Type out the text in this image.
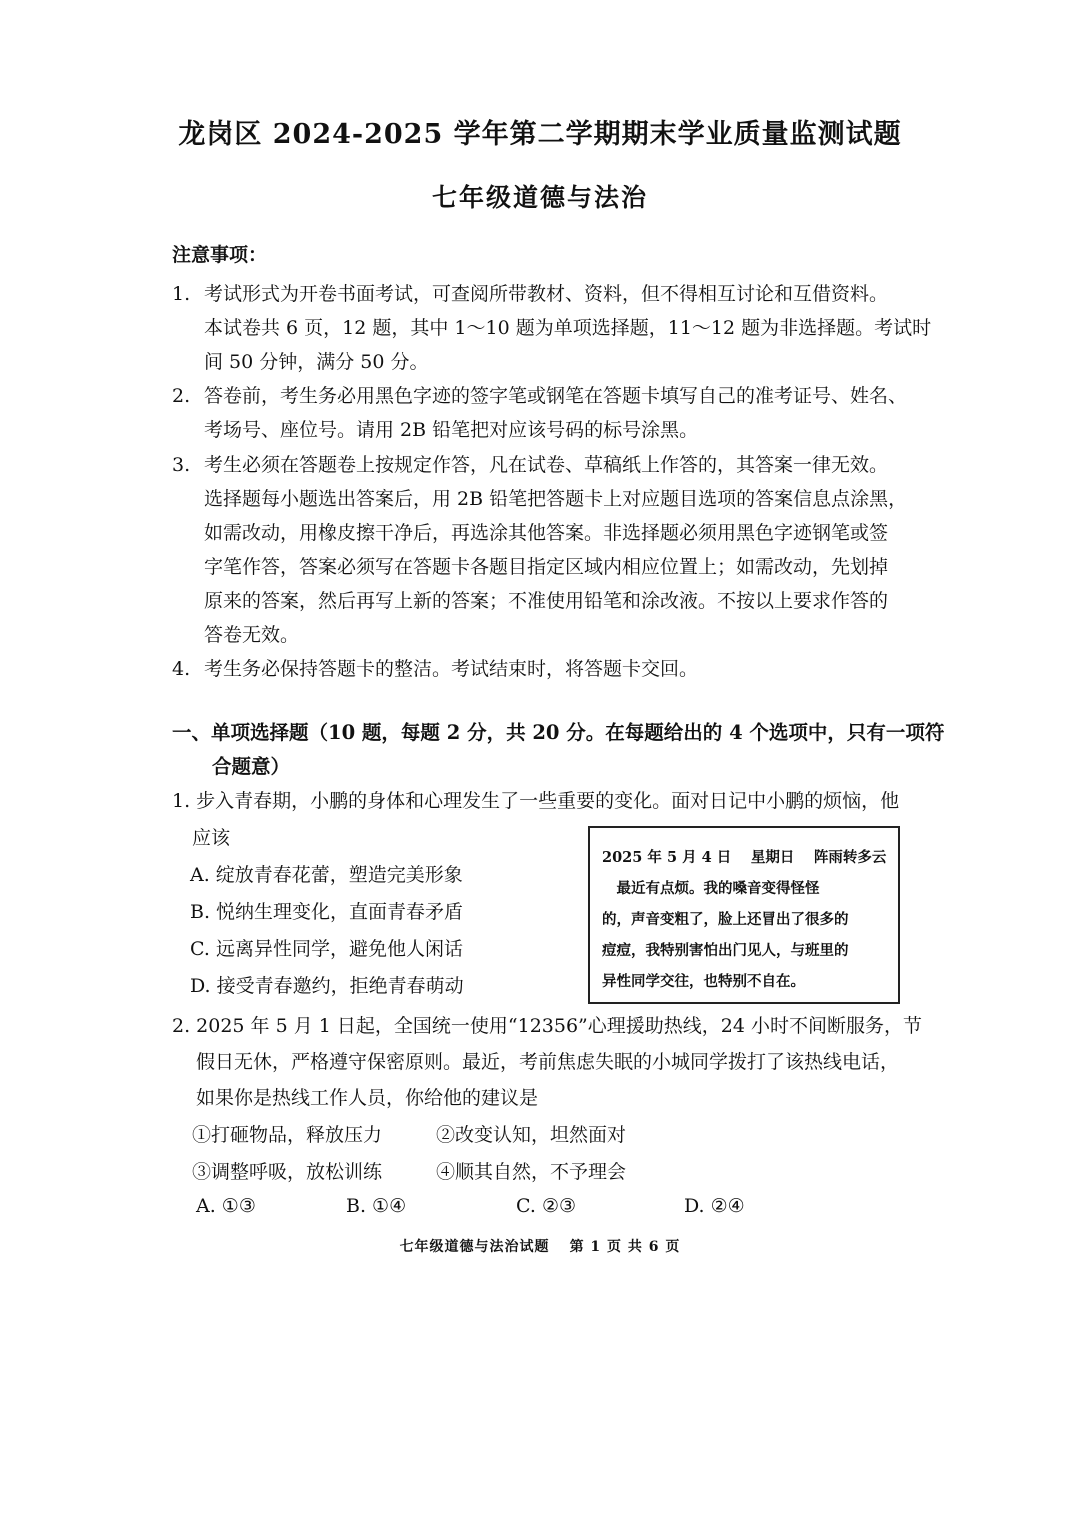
龙岗区 2024-2025 学年第二学期期末学业质量监测试题
七年级道德与法治
注意事项：
1. 考试形式为开卷书面考试，可查阅所带教材、资料，但不得相互讨论和互借资料。
本试卷共 6 页，12 题，其中 1～10 题为单项选择题，11～12 题为非选择题。考试时
间 50 分钟，满分 50 分。
2. 答卷前，考生务必用黑色字迹的签字笔或钢笔在答题卡填写自己的准考证号、姓名、
考场号、座位号。请用 2B 铅笔把对应该号码的标号涂黑。
3. 考生必须在答题卷上按规定作答，凡在试卷、草稿纸上作答的，其答案一律无效。
选择题每小题选出答案后，用 2B 铅笔把答题卡上对应题目选项的答案信息点涂黑，
如需改动，用橡皮擦干净后，再选涂其他答案。非选择题必须用黑色字迹钢笔或签
字笔作答，答案必须写在答题卡各题目指定区域内相应位置上；如需改动，先划掉
原来的答案，然后再写上新的答案；不准使用铅笔和涂改液。不按以上要求作答的
答卷无效。
4. 考生务必保持答题卡的整洁。考试结束时，将答题卡交回。
一、单项选择题（10 题，每题 2 分，共 20 分。在每题给出的 4 个选项中，只有一项符
合题意）
1. 步入青春期，小鹏的身体和心理发生了一些重要的变化。面对日记中小鹏的烦恼，他
应该
A. 绽放青春花蕾，塑造完美形象
B. 悦纳生理变化，直面青春矛盾
C. 远离异性同学，避免他人闲话
D. 接受青春邀约，拒绝青春萌动
2025 年 5 月 4 日　 星期日　 阵雨转多云
　最近有点烦。我的嗓音变得怪怪
的，声音变粗了，脸上还冒出了很多的
痘痘，我特别害怕出门见人，与班里的
异性同学交往，也特别不自在。
2. 2025 年 5 月 1 日起，全国统一使用“12356”心理援助热线，24 小时不间断服务，节
假日无休，严格遵守保密原则。最近，考前焦虑失眠的小城同学拨打了该热线电话，
如果你是热线工作人员，你给他的建议是
①打砸物品，释放压力	②改变认知，坦然面对
③调整呼吸，放松训练	④顺其自然，不予理会
A. ①③	B. ①④	C. ②③	D. ②④
七年级道德与法治试题 第 1 页 共 6 页
